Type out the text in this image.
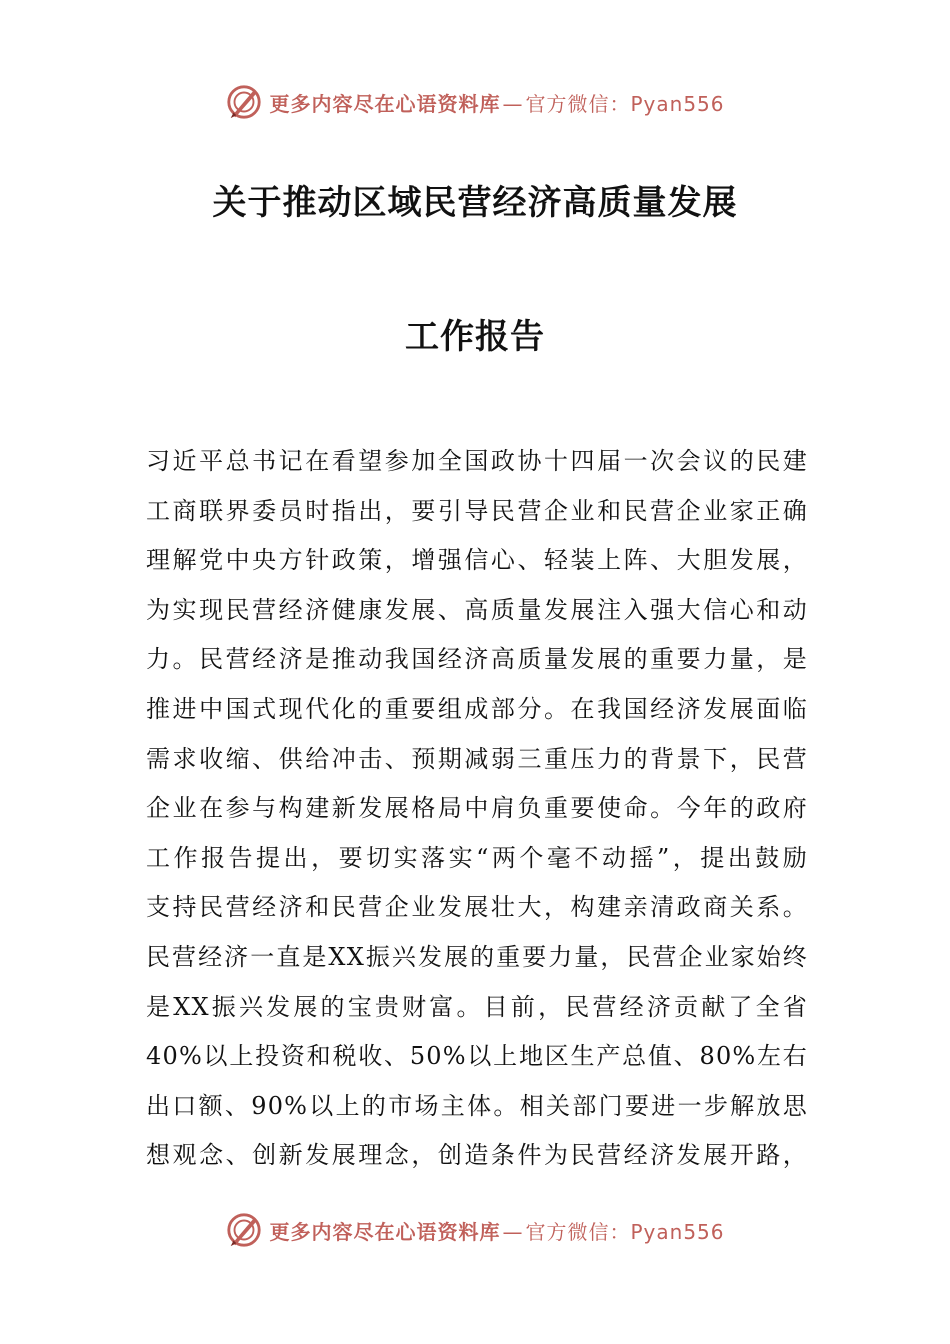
更多内容尽在心语资料库 — 官方微信： Pyan556
关于推动区域民营经济高质量发展
工作报告
习近平总书记在看望参加全国政协十四届一次会议的民建
工商联界委员时指出，要引导民营企业和民营企业家正确
理解党中央方针政策，增强信心、轻装上阵、大胆发展，
为实现民营经济健康发展、高质量发展注入强大信心和动
力。民营经济是推动我国经济高质量发展的重要力量，是
推进中国式现代化的重要组成部分。在我国经济发展面临
需求收缩、供给冲击、预期减弱三重压力的背景下，民营
企业在参与构建新发展格局中肩负重要使命。今年的政府
工作报告提出，要切实落实“两个毫不动摇”，提出鼓励
支持民营经济和民营企业发展壮大，构建亲清政商关系。
民营经济一直是XX振兴发展的重要力量，民营企业家始终
是XX振兴发展的宝贵财富。目前，民营经济贡献了全省
40%以上投资和税收、50%以上地区生产总值、80%左右
出口额、90%以上的市场主体。相关部门要进一步解放思
想观念、创新发展理念，创造条件为民营经济发展开路，
更多内容尽在心语资料库 — 官方微信： Pyan556
